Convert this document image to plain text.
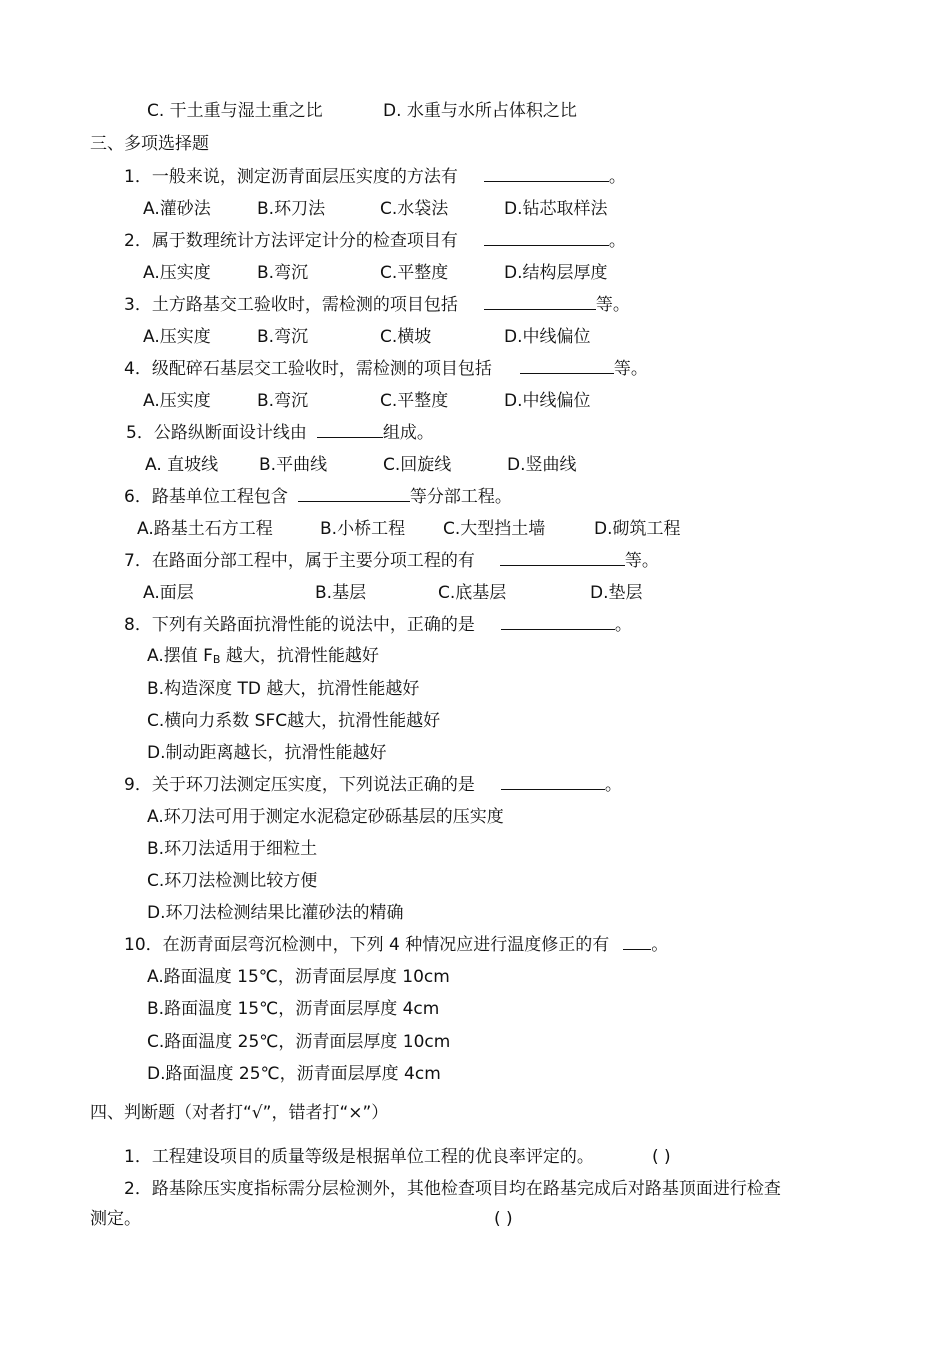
C. 干土重与湿土重之比	D. 水重与水所占体积之比
三、多项选择题
1．一般来说，测定沥青面层压实度的方法有	。
A.灌砂法	B.环刀法	C.水袋法	D.钻芯取样法
2．属于数理统计方法评定计分的检查项目有	。
A.压实度	B.弯沉	C.平整度	D.结构层厚度
3．土方路基交工验收时，需检测的项目包括	等。
A.压实度	B.弯沉	C.横坡	D.中线偏位
4．级配碎石基层交工验收时，需检测的项目包括	等。
A.压实度	B.弯沉	C.平整度	D.中线偏位
5．公路纵断面设计线由	组成。
A. 直坡线 B.平曲线	C.回旋线	D.竖曲线
6．路基单位工程包含	等分部工程。
A.路基土石方工程	B.小桥工程 C.大型挡土墙	D.砌筑工程
7．在路面分部工程中，属于主要分项工程的有	等。
A.面层	B.基层	C.底基层	D.垫层
8．下列有关路面抗滑性能的说法中，正确的是	。
A.摆值 $F_B$ 越大，抗滑性能越好
B.构造深度 TD 越大，抗滑性能越好
C.横向力系数 SFC越大，抗滑性能越好
D.制动距离越长，抗滑性能越好
9．关于环刀法测定压实度，下列说法正确的是	。
A.环刀法可用于测定水泥稳定砂砾基层的压实度
B.环刀法适用于细粒土
C.环刀法检测比较方便
D.环刀法检测结果比灌砂法的精确
10．在沥青面层弯沉检测中，下列 4 种情况应进行温度修正的有 。
A.路面温度 15℃，沥青面层厚度 10cm
B.路面温度 15℃，沥青面层厚度 4cm
C.路面温度 25℃，沥青面层厚度 10cm
D.路面温度 25℃，沥青面层厚度 4cm
四、判断题（对者打“√”，错者打“×”）
1．工程建设项目的质量等级是根据单位工程的优良率评定的。	( )
2．路基除压实度指标需分层检测外，其他检查项目均在路基完成后对路基顶面进行检查
测定。	( )
